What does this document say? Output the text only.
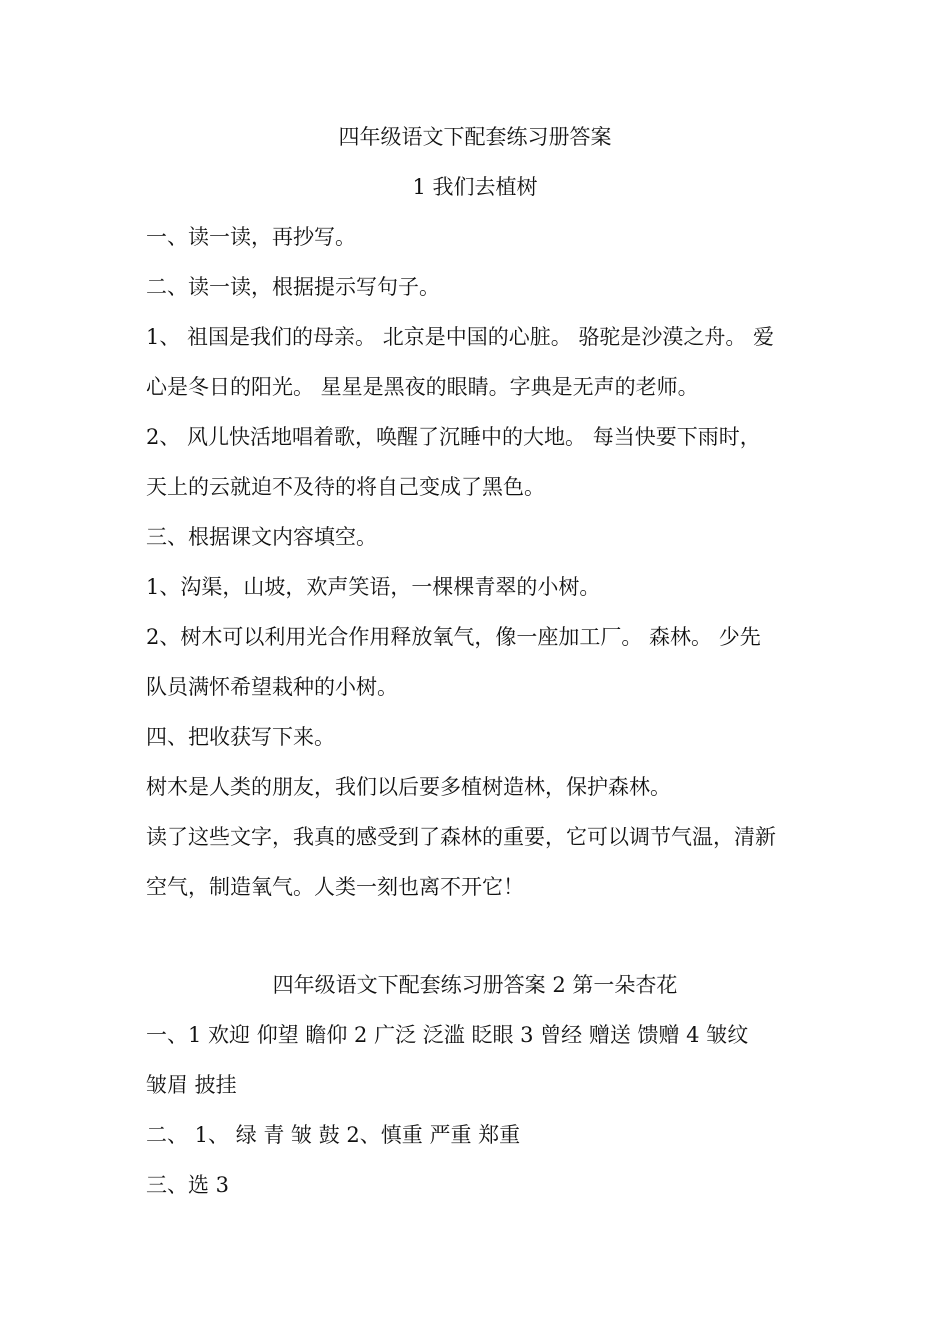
四年级语文下配套练习册答案
1 我们去植树
一、读一读，再抄写。
二、读一读，根据提示写句子。
1、 祖国是我们的母亲。 北京是中国的心脏。 骆驼是沙漠之舟。 爱
心是冬日的阳光。 星星是黑夜的眼睛。字典是无声的老师。
2、 风儿快活地唱着歌，唤醒了沉睡中的大地。 每当快要下雨时，
天上的云就迫不及待的将自己变成了黑色。
三、根据课文内容填空。
1、沟渠，山坡，欢声笑语，一棵棵青翠的小树。
2、树木可以利用光合作用释放氧气，像一座加工厂。 森林。 少先
队员满怀希望栽种的小树。
四、把收获写下来。
树木是人类的朋友，我们以后要多植树造林，保护森林。
读了这些文字，我真的感受到了森林的重要，它可以调节气温，清新
空气，制造氧气。人类一刻也离不开它！
四年级语文下配套练习册答案 2 第一朵杏花
一、1 欢迎 仰望 瞻仰 2 广泛 泛滥 眨眼 3 曾经 赠送 馈赠 4 皱纹
皱眉 披挂
二、 1、 绿 青 皱 鼓 2、慎重 严重 郑重
三、选 3
